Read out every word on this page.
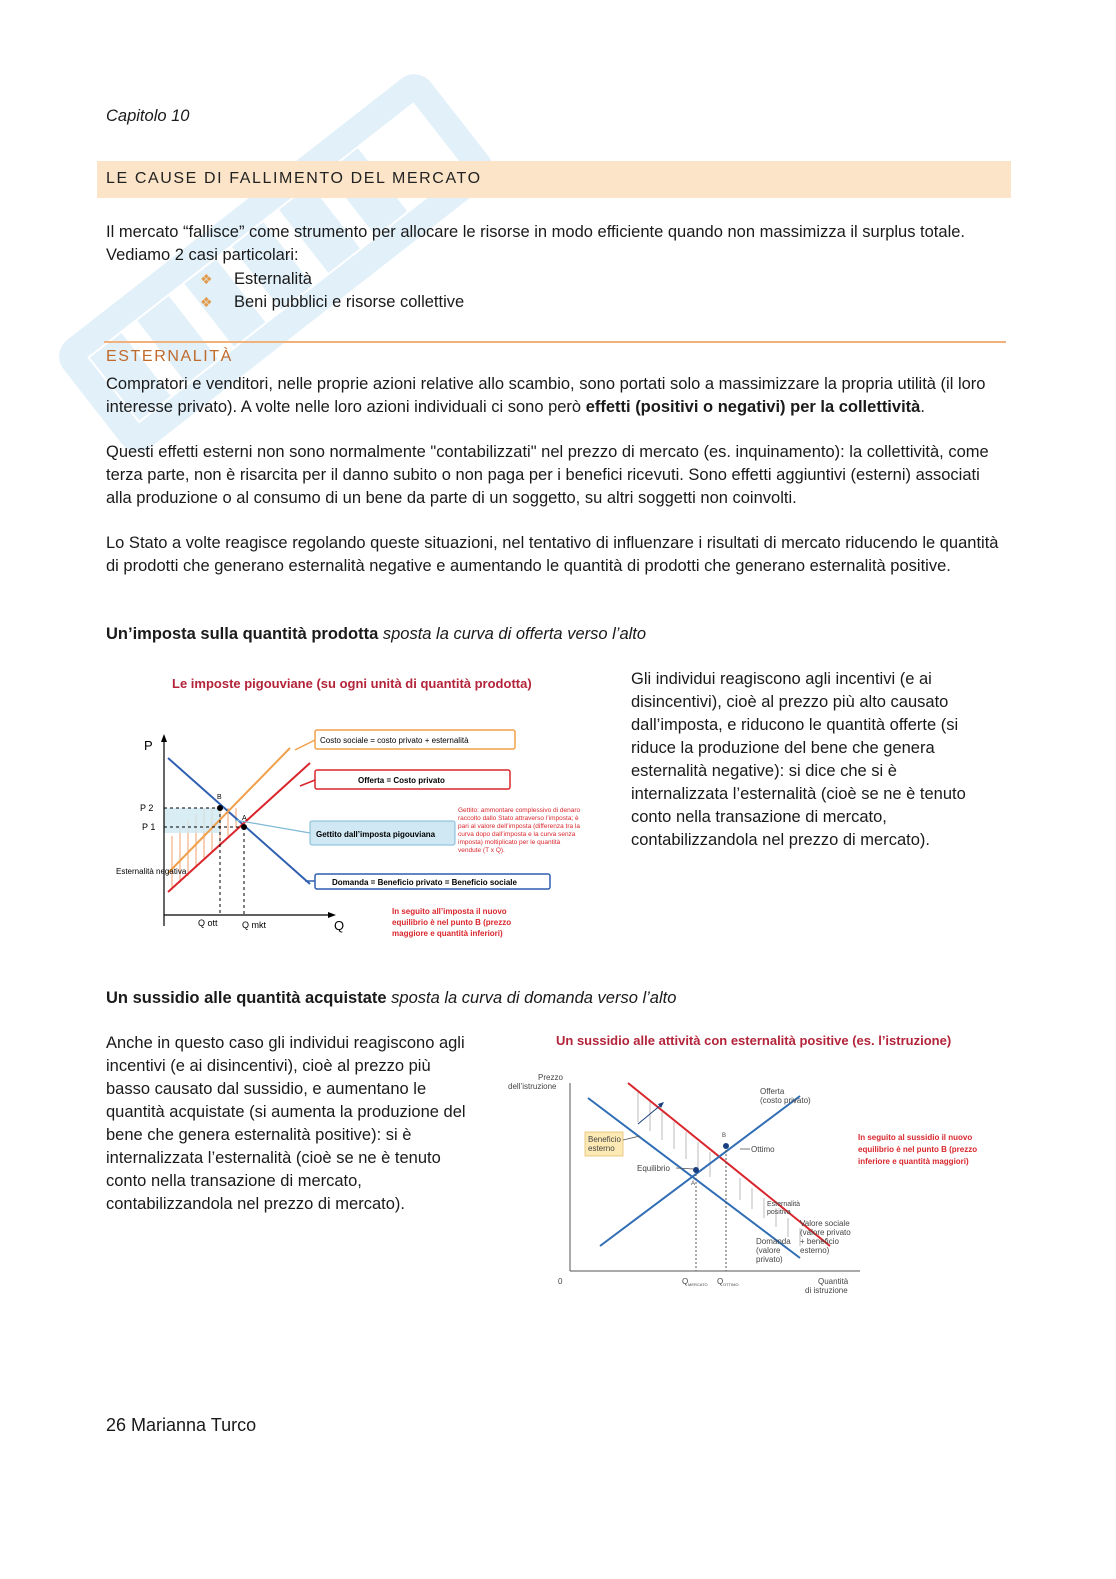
Capitolo 10
LE CAUSE DI FALLIMENTO DEL MERCATO
Il mercato “fallisce” come strumento per allocare le risorse in modo efficiente quando non massimizza il surplus totale. Vediamo 2 casi particolari:
❖ Esternalità
❖ Beni pubblici e risorse collettive
ESTERNALITÀ
Compratori e venditori, nelle proprie azioni relative allo scambio, sono portati solo a massimizzare la propria utilità (il loro interesse privato). A volte nelle loro azioni individuali ci sono però effetti (positivi o negativi) per la collettività.
Questi effetti esterni non sono normalmente "contabilizzati" nel prezzo di mercato (es. inquinamento): la collettività, come terza parte, non è risarcita per il danno subito o non paga per i benefici ricevuti. Sono effetti aggiuntivi (esterni) associati alla produzione o al consumo di un bene da parte di un soggetto, su altri soggetti non coinvolti.
Lo Stato a volte reagisce regolando queste situazioni, nel tentativo di influenzare i risultati di mercato riducendo le quantità di prodotti che generano esternalità negative e aumentando le quantità di prodotti che generano esternalità positive.
Un’imposta sulla quantità prodotta sposta la curva di offerta verso l’alto
Le imposte pigouviane (su ogni unità di quantità prodotta)
P
Q
P 2
P 1
Q ott	Q mkt
B
A
Esternalità negativa
Costo sociale = costo privato + esternalità
Offerta = Costo privato
Gettito dall’imposta pigouviana
Domanda = Beneficio privato = Beneficio sociale
Gettito: ammontare complessivo di denaro raccolto dallo Stato attraverso l’imposta; è pari al valore dell’imposta (differenza tra la curva dopo dall’imposta e la curva senza imposta) moltiplicato per le quantità vendute (T x Q).
In seguito all’imposta il nuovo equilibrio è nel punto B (prezzo maggiore e quantità inferiori)
Gli individui reagiscono agli incentivi (e ai disincentivi), cioè al prezzo più alto causato dall’imposta, e riducono le quantità offerte (si riduce la produzione del bene che genera esternalità negative): si dice che si è internalizzata l’esternalità (cioè se ne è tenuto conto nella transazione di mercato, contabilizzandola nel prezzo di mercato).
Un sussidio alle quantità acquistate sposta la curva di domanda verso l’alto
Anche in questo caso gli individui reagiscono agli incentivi (e ai disincentivi), cioè al prezzo più basso causato dal sussidio, e aumentano le quantità acquistate (si aumenta la produzione del bene che genera esternalità positive): si è internalizzata l’esternalità (cioè se ne è tenuto conto nella transazione di mercato, contabilizzandola nel prezzo di mercato).
Un sussidio alle attività con esternalità positive (es. l’istruzione)
Prezzo
dell’istruzione
Quantità
di istruzione
0
Offerta
(costo privato)
Beneficio
esterno	Ottimo
Equilibrio
B
A
Esternalità
positiva
Valore sociale
(valore privato
+ beneficio
esterno)
Domanda
(valore
privato)
Q MERCATO Q OTTIMO
In seguito al sussidio il nuovo
equilibrio è nel punto B (prezzo
inferiore e quantità maggiori)
26 Marianna Turco
